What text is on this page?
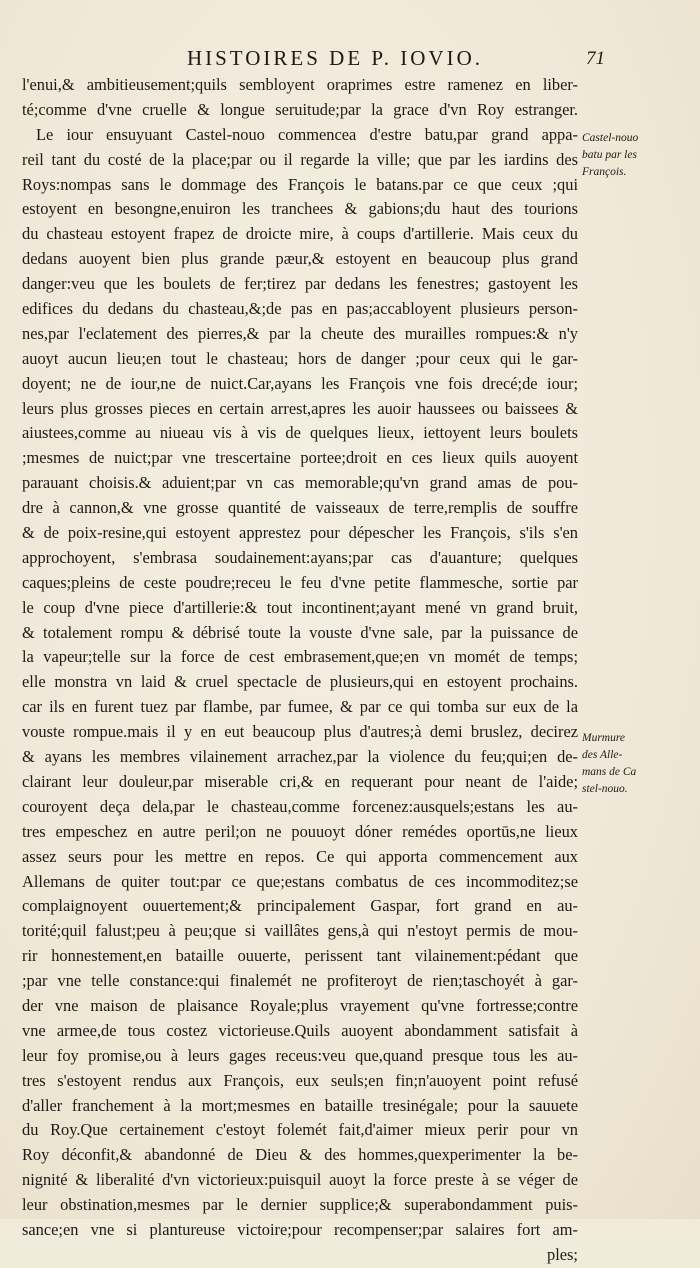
HISTOIRES DE P. IOVIO.	71
l'enui,& ambitieusement;quils sembloyent oraprimes estre ramenez en liber-
té;comme d'vne cruelle & longue seruitude;par la grace d'vn Roy estranger.
Le iour ensuyuant Castel-nouo commencea d'estre batu,par grand appa-
reil tant du costé de la place;par ou il regarde la ville; que par les iardins des
Roys:nompas sans le dommage des François le batans.par ce que ceux ;qui
estoyent en besongne,enuiron les tranchees & gabions;du haut des tourions
du chasteau estoyent frapez de droicte mire, à coups d'artillerie. Mais ceux du
dedans auoyent bien plus grande pæur,& estoyent en beaucoup plus grand
danger:veu que les boulets de fer;tirez par dedans les fenestres; gastoyent les
edifices du dedans du chasteau,&;de pas en pas;accabloyent plusieurs person-
nes,par l'eclatement des pierres,& par la cheute des murailles rompues:& n'y
auoyt aucun lieu;en tout le chasteau; hors de danger ;pour ceux qui le gar-
doyent; ne de iour,ne de nuict.Car,ayans les François vne fois drecé;de iour;
leurs plus grosses pieces en certain arrest,apres les auoir haussees ou baissees &
aiustees,comme au niueau vis à vis de quelques lieux, iettoyent leurs boulets
;mesmes de nuict;par vne trescertaine portee;droit en ces lieux quils auoyent
parauant choisis.& aduient;par vn cas memorable;qu'vn grand amas de pou-
dre à cannon,& vne grosse quantité de vaisseaux de terre,remplis de souffre
& de poix-resine,qui estoyent apprestez pour dépescher les François, s'ils s'en
approchoyent, s'embrasa soudainement:ayans;par cas d'auanture; quelques
caques;pleins de ceste poudre;receu le feu d'vne petite flammesche, sortie par
le coup d'vne piece d'artillerie:& tout incontinent;ayant mené vn grand bruit,
& totalement rompu & débrisé toute la vouste d'vne sale, par la puissance de
la vapeur;telle sur la force de cest embrasement,que;en vn momét de temps;
elle monstra vn laid & cruel spectacle de plusieurs,qui en estoyent prochains.
car ils en furent tuez par flambe, par fumee, & par ce qui tomba sur eux de la
vouste rompue.mais il y en eut beaucoup plus d'autres;à demi bruslez, decirez
& ayans les membres vilainement arrachez,par la violence du feu;qui;en de-
clairant leur douleur,par miserable cri,& en requerant pour neant de l'aide;
couroyent deça dela,par le chasteau,comme forcenez:ausquels;estans les au-
tres empeschez en autre peril;on ne pouuoyt dóner remédes oportūs,ne lieux
assez seurs pour les mettre en repos. Ce qui apporta commencement aux
Allemans de quiter tout:par ce que;estans combatus de ces incommoditez;se
complaignoyent ouuertement;& principalement Gaspar, fort grand en au-
torité;quil falust;peu à peu;que si vaillâtes gens,à qui n'estoyt permis de mou-
rir honnestement,en bataille ouuerte, perissent tant vilainement:pédant que
;par vne telle constance:qui finalemét ne profiteroyt de rien;taschoyét à gar-
der vne maison de plaisance Royale;plus vrayement qu'vne fortresse;contre
vne armee,de tous costez victorieuse.Quils auoyent abondamment satisfait à
leur foy promise,ou à leurs gages receus:veu que,quand presque tous les au-
tres s'estoyent rendus aux François, eux seuls;en fin;n'auoyent point refusé
d'aller franchement à la mort;mesmes en bataille tresinégale; pour la sauuete
du Roy.Que certainement c'estoyt folemét fait,d'aimer mieux perir pour vn
Roy déconfit,& abandonné de Dieu & des hommes,quexperimenter la be-
nignité & liberalité d'vn victorieux:puisquil auoyt la force preste à se véger de
leur obstination,mesmes par le dernier supplice;& superabondamment puis-
sance;en vne si plantureuse victoire;pour recompenser;par salaires fort am-
ples;
Castel-nouo
batu par les
François.
Murmure
des Alle-
mans de Ca
stel-nouo.
